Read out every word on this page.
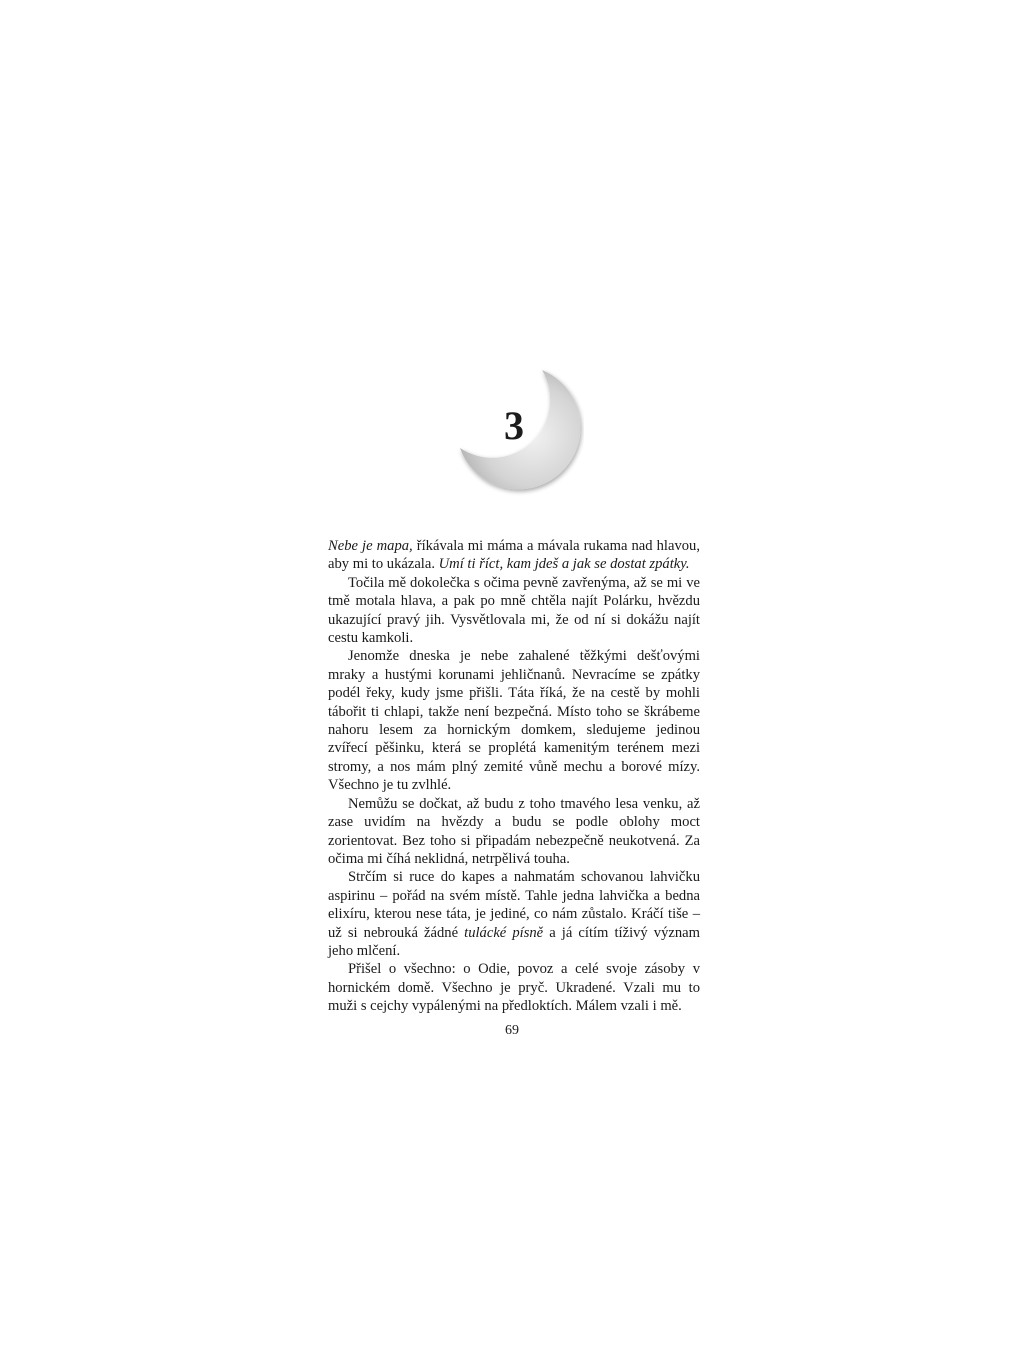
3

Nebe je mapa, říkávala mi máma a mávala rukama nad hlavou, aby mi to ukázala. Umí ti říct, kam jdeš a jak se dostat zpátky.

Točila mě dokolečka s očima pevně zavřenýma, až se mi ve tmě motala hlava, a pak po mně chtěla najít Polárku, hvězdu ukazující pravý jih. Vysvětlovala mi, že od ní si dokážu najít cestu kamkoli.

Jenomže dneska je nebe zahalené těžkými dešťovými mraky a hustými korunami jehličnanů. Nevracíme se zpátky podél řeky, kudy jsme přišli. Táta říká, že na cestě by mohli tábořit ti chlapi, takže není bezpečná. Místo toho se škrábeme nahoru lesem za hornickým domkem, sledujeme jedinou zvířecí pěšinku, která se proplétá kamenitým terénem mezi stromy, a nos mám plný zemité vůně mechu a borové mízy. Všechno je tu zvlhlé.

Nemůžu se dočkat, až budu z toho tmavého lesa venku, až zase uvidím na hvězdy a budu se podle oblohy moct zorientovat. Bez toho si připadám nebezpečně neukotvená. Za očima mi číhá neklidná, netrpělivá touha.

Strčím si ruce do kapes a nahmatám schovanou lahvičku aspirinu – pořád na svém místě. Tahle jedna lahvička a bedna elixíru, kterou nese táta, je jediné, co nám zůstalo. Kráčí tiše – už si nebrouká žádné tulácké písně a já cítím tíživý význam jeho mlčení.

Přišel o všechno: o Odie, povoz a celé svoje zásoby v hornickém domě. Všechno je pryč. Ukradené. Vzali mu to muži s cejchy vypálenými na předloktích. Málem vzali i mě.

69
